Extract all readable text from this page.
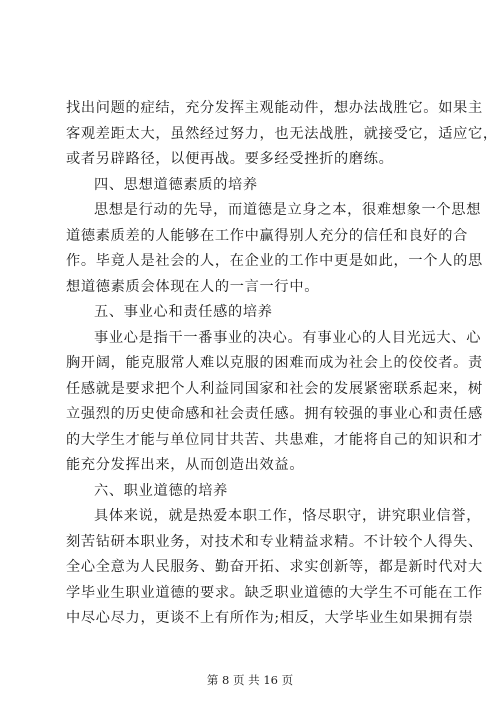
找出问题的症结，充分发挥主观能动件，想办法战胜它。如果主
客观差距太大，虽然经过努力，也无法战胜，就接受它，适应它，
或者另辟路径，以便再战。要多经受挫折的磨练。
四、思想道德素质的培养
思想是行动的先导，而道德是立身之本，很难想象一个思想
道德素质差的人能够在工作中赢得别人充分的信任和良好的合
作。毕竟人是社会的人，在企业的工作中更是如此，一个人的思
想道德素质会体现在人的一言一行中。
五、事业心和责任感的培养
事业心是指干一番事业的决心。有事业心的人目光远大、心
胸开阔，能克服常人难以克服的困难而成为社会上的佼佼者。责
任感就是要求把个人利益同国家和社会的发展紧密联系起来，树
立强烈的历史使命感和社会责任感。拥有较强的事业心和责任感
的大学生才能与单位同甘共苦、共患难，才能将自己的知识和才
能充分发挥出来，从而创造出效益。
六、职业道德的培养
具体来说，就是热爱本职工作，恪尽职守，讲究职业信誉，
刻苦钻研本职业务，对技术和专业精益求精。不计较个人得失、
全心全意为人民服务、勤奋开拓、求实创新等，都是新时代对大
学毕业生职业道德的要求。缺乏职业道德的大学生不可能在工作
中尽心尽力，更谈不上有所作为;相反，大学毕业生如果拥有崇
第 8 页 共 16 页
